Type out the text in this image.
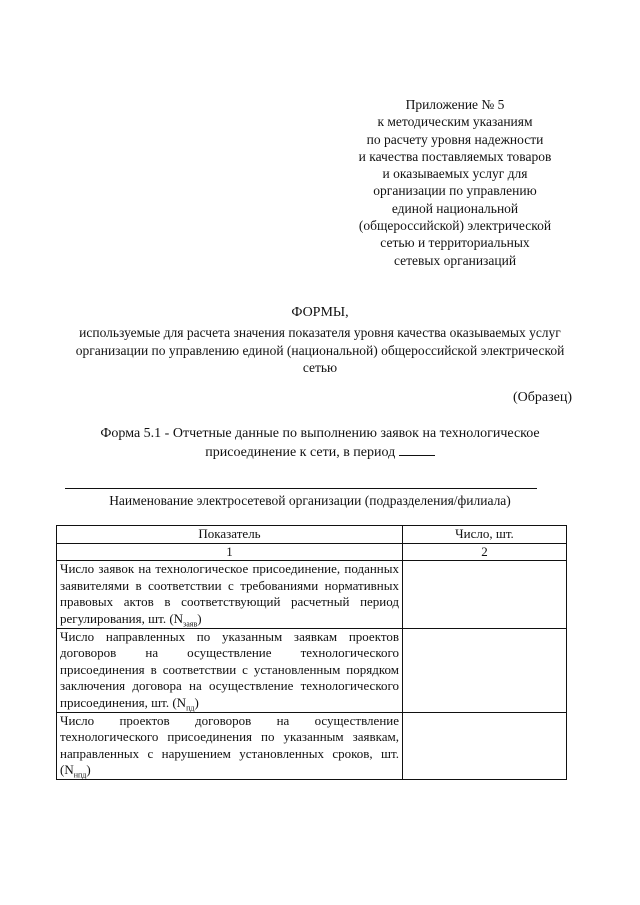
Приложение № 5
к методическим указаниям
по расчету уровня надежности
и качества поставляемых товаров
и оказываемых услуг для
организации по управлению
единой национальной
(общероссийской) электрической
сетью и территориальных
сетевых организаций
ФОРМЫ,
используемые для расчета значения показателя уровня качества оказываемых услуг
организации по управлению единой (национальной) общероссийской электрической
сетью
(Образец)
Форма 5.1 - Отчетные данные по выполнению заявок на технологическое
присоединение к сети, в период
Наименование электросетевой организации (подразделения/филиала)
Показатель	Число, шт.
1	2
Число заявок на технологическое присоединение, поданных заявителями в соответствии с требованиями нормативных правовых актов в соответствующий расчетный период регулирования, шт. $(N_{заяв})$	
Число направленных по указанным заявкам проектов договоров на осуществление технологического присоединения в соответствии с установленным порядком заключения договора на осуществление технологического присоединения, шт. $(N_{пд})$	
Число проектов договоров на осуществление технологического присоединения по указанным заявкам, направленных с нарушением установленных сроков, шт. $(N_{нпд})$	
